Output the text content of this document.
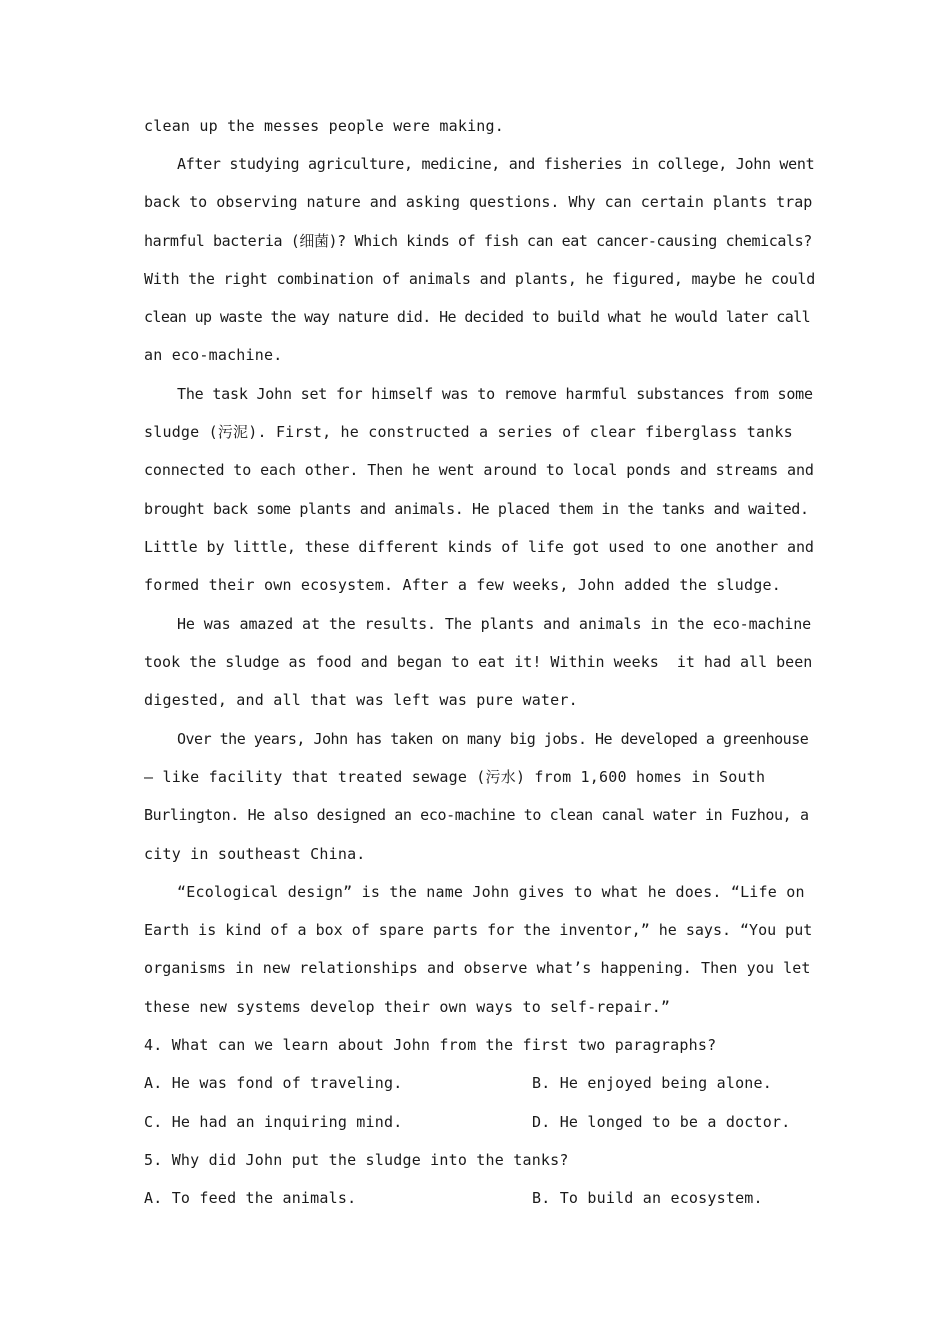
clean up the messes people were making.
After studying agriculture, medicine, and fisheries in college, John went
back to observing nature and asking questions. Why can certain plants trap
harmful bacteria (细菌)? Which kinds of fish can eat cancer-causing chemicals?
With the right combination of animals and plants, he figured, maybe he could
clean up waste the way nature did. He decided to build what he would later call
an eco-machine.
The task John set for himself was to remove harmful substances from some
sludge (污泥). First, he constructed a series of clear fiberglass tanks
connected to each other. Then he went around to local ponds and streams and
brought back some plants and animals. He placed them in the tanks and waited.
Little by little, these different kinds of life got used to one another and
formed their own ecosystem. After a few weeks, John added the sludge.
He was amazed at the results. The plants and animals in the eco-machine
took the sludge as food and began to eat it! Within weeks  it had all been
digested, and all that was left was pure water.
Over the years, John has taken on many big jobs. He developed a greenhouse
— like facility that treated sewage (污水) from 1,600 homes in South
Burlington. He also designed an eco-machine to clean canal water in Fuzhou, a
city in southeast China.
“Ecological design” is the name John gives to what he does. “Life on
Earth is kind of a box of spare parts for the inventor,” he says. “You put
organisms in new relationships and observe what’s happening. Then you let
these new systems develop their own ways to self-repair.”
4. What can we learn about John from the first two paragraphs?
A. He was fond of traveling.	B. He enjoyed being alone.
C. He had an inquiring mind.	D. He longed to be a doctor.
5. Why did John put the sludge into the tanks?
A. To feed the animals.	B. To build an ecosystem.
